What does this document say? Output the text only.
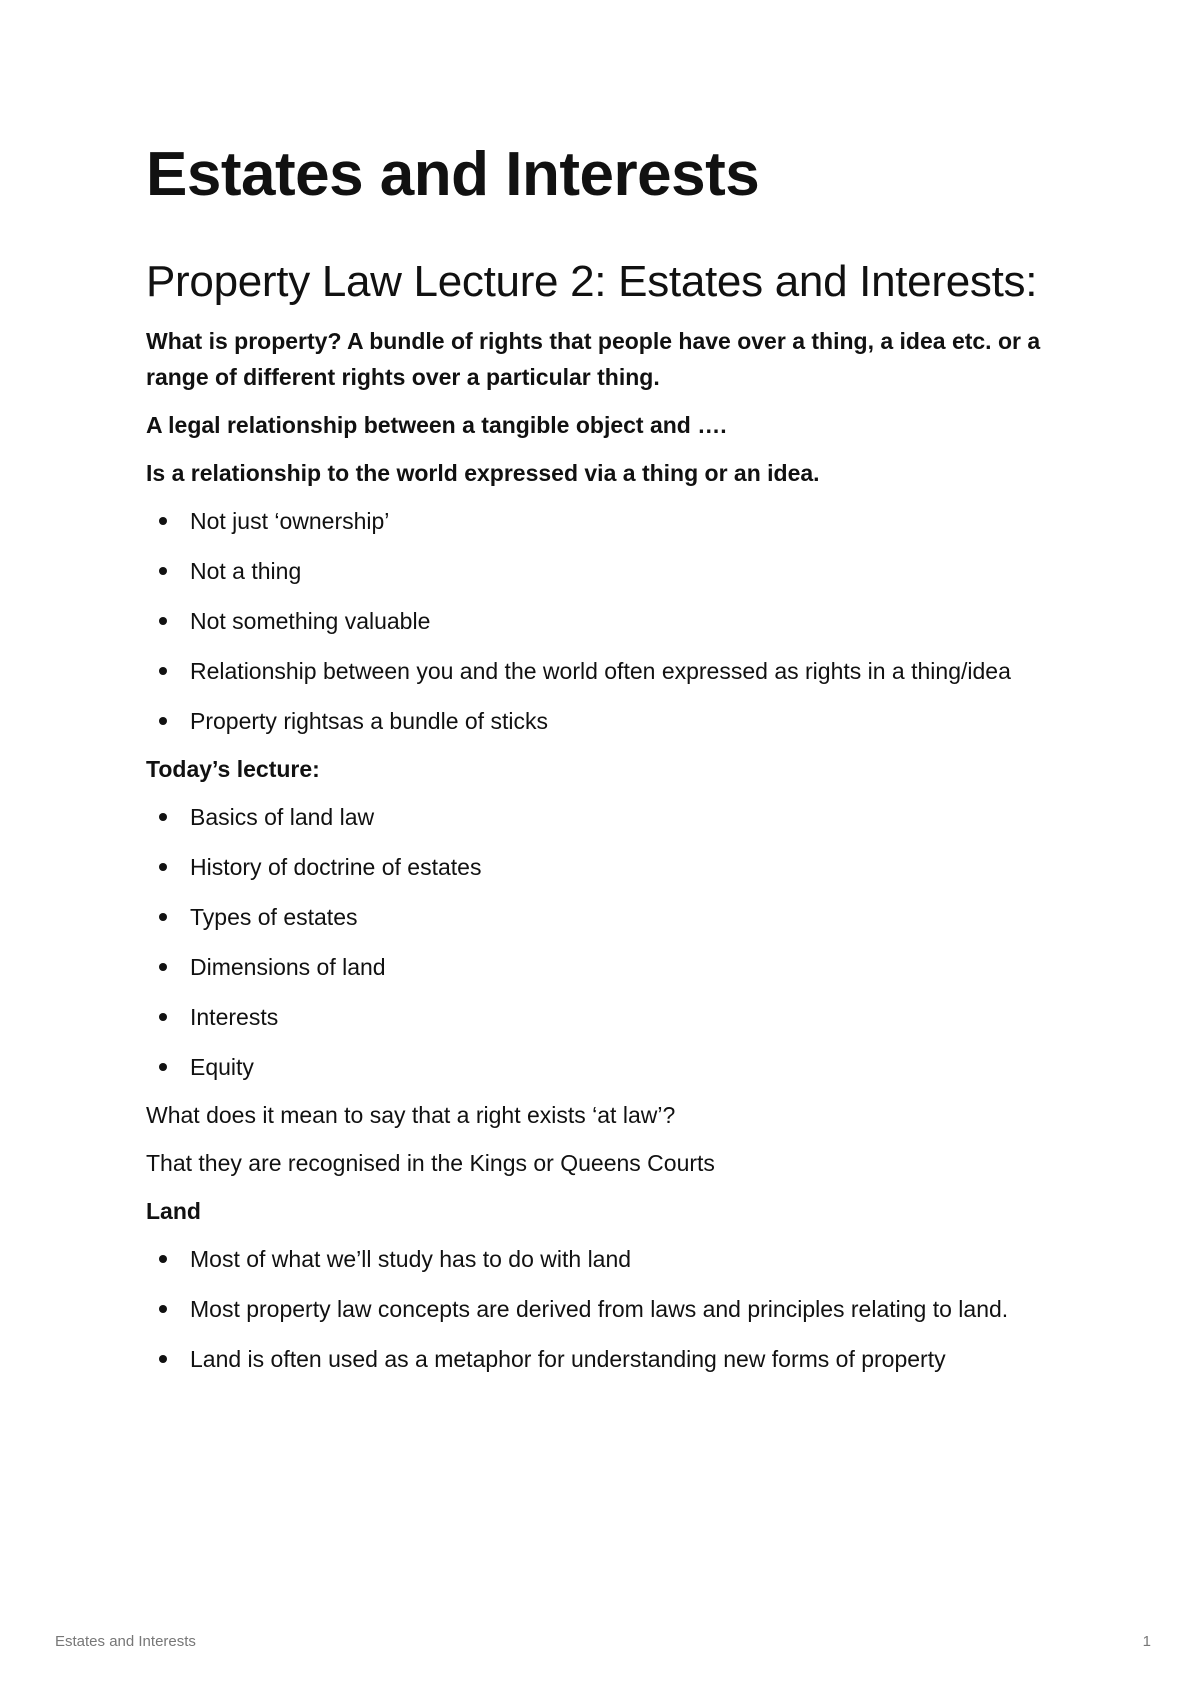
Estates and Interests
Property Law Lecture 2: Estates and Interests:

What is property? A bundle of rights that people have over a thing, a idea etc. or a range of different rights over a particular thing.

A legal relationship between a tangible object and ….

Is a relationship to the world expressed via a thing or an idea.

Not just ‘ownership’
Not a thing
Not something valuable
Relationship between you and the world often expressed as rights in a thing/idea
Property rightsas a bundle of sticks

Today’s lecture:

Basics of land law
History of doctrine of estates
Types of estates
Dimensions of land
Interests
Equity

What does it mean to say that a right exists ‘at law’?

That they are recognised in the Kings or Queens Courts

Land

Most of what we’ll study has to do with land
Most property law concepts are derived from laws and principles relating to land.
Land is often used as a metaphor for understanding new forms of property
Estates and Interests	1
